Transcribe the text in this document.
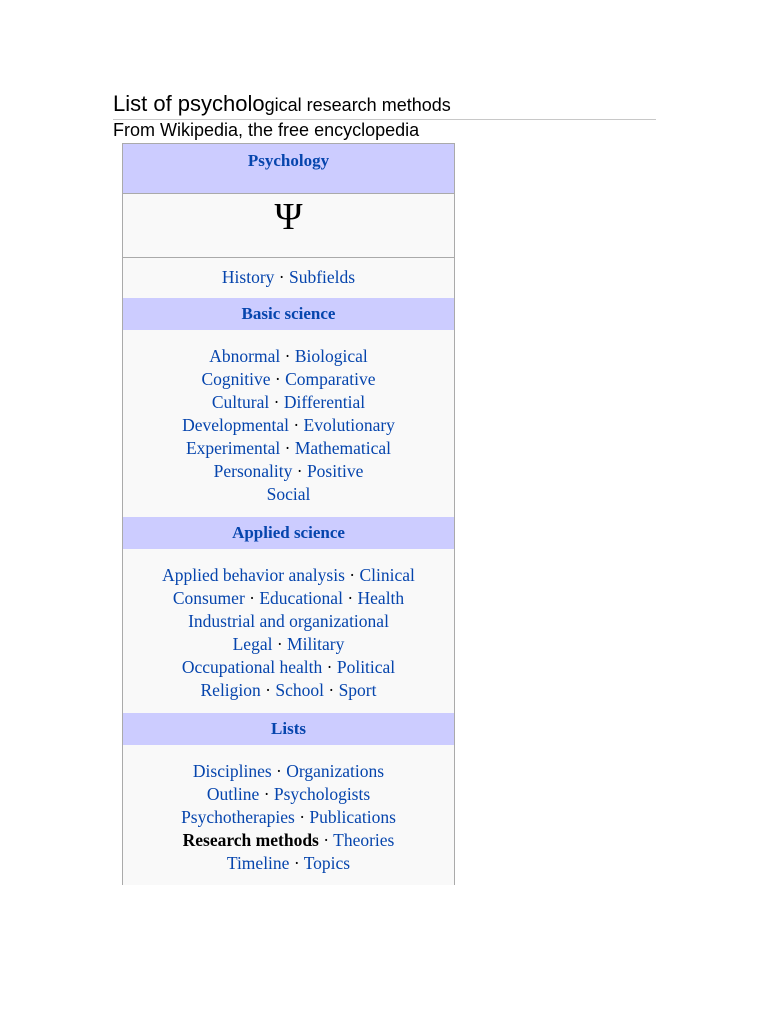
List of psychological research methods
From Wikipedia, the free encyclopedia
Psychology
Ψ
History · Subfields
Basic science
Abnormal · Biological
Cognitive · Comparative
Cultural · Differential
Developmental · Evolutionary
Experimental · Mathematical
Personality · Positive
Social
Applied science
Applied behavior analysis · Clinical
Consumer · Educational · Health
Industrial and organizational
Legal · Military
Occupational health · Political
Religion · School · Sport
Lists
Disciplines · Organizations
Outline · Psychologists
Psychotherapies · Publications
Research methods · Theories
Timeline · Topics
